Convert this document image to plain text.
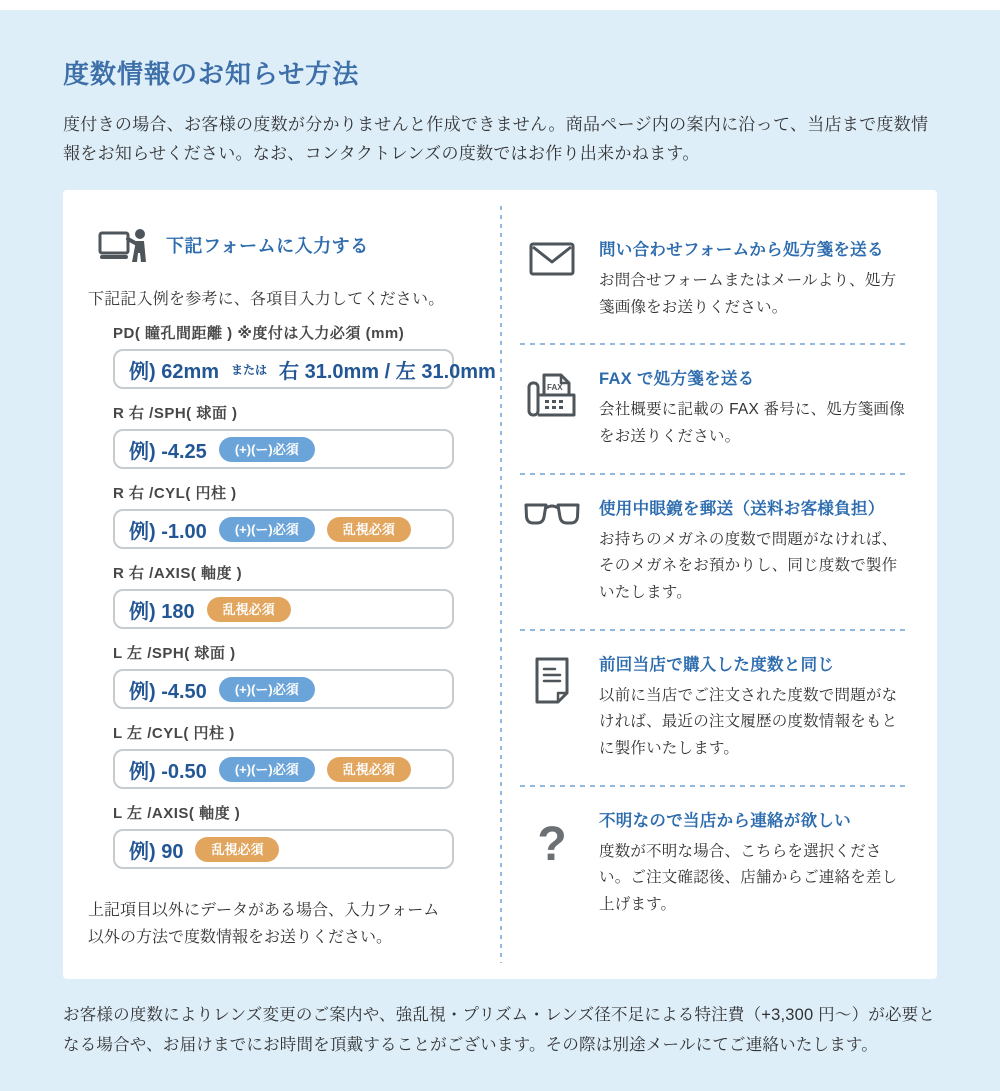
度数情報のお知らせ方法

度付きの場合、お客様の度数が分かりませんと作成できません。商品ページ内の案内に沿って、当店まで度数情報をお知らせください。なお、コンタクトレンズの度数ではお作り出来かねます。

下記フォームに入力する

下記記入例を参考に、各項目入力してください。

PD( 瞳孔間距離 ) ※度付は入力必須 (mm)
例) 62mm または 右 31.0mm / 左 31.0mm
R 右 /SPH( 球面 )
例) -4.25	(+)(ー)必須
R 右 /CYL( 円柱 )
例) -1.00	(+)(ー)必須	乱視必須
R 右 /AXIS( 軸度 )
例) 180	乱視必須
L 左 /SPH( 球面 )
例) -4.50	(+)(ー)必須
L 左 /CYL( 円柱 )
例) -0.50	(+)(ー)必須	乱視必須
L 左 /AXIS( 軸度 )
例) 90	乱視必須

上記項目以外にデータがある場合、入力フォーム以外の方法で度数情報をお送りください。

問い合わせフォームから処方箋を送る
お問合せフォームまたはメールより、処方箋画像をお送りください。
FAX FAX で処方箋を送る
会社概要に記載の FAX 番号に、処方箋画像をお送りください。
使用中眼鏡を郵送（送料お客様負担）
お持ちのメガネの度数で問題がなければ、そのメガネをお預かりし、同じ度数で製作いたします。
前回当店で購入した度数と同じ
以前に当店でご注文された度数で問題がなければ、最近の注文履歴の度数情報をもとに製作いたします。
? 不明なので当店から連絡が欲しい
度数が不明な場合、こちらを選択ください。ご注文確認後、店舗からご連絡を差し上げます。
お客様の度数によりレンズ変更のご案内や、強乱視・プリズム・レンズ径不足による特注費（+3,300 円～）が必要となる場合や、お届けまでにお時間を頂戴することがございます。その際は別途メールにてご連絡いたします。
